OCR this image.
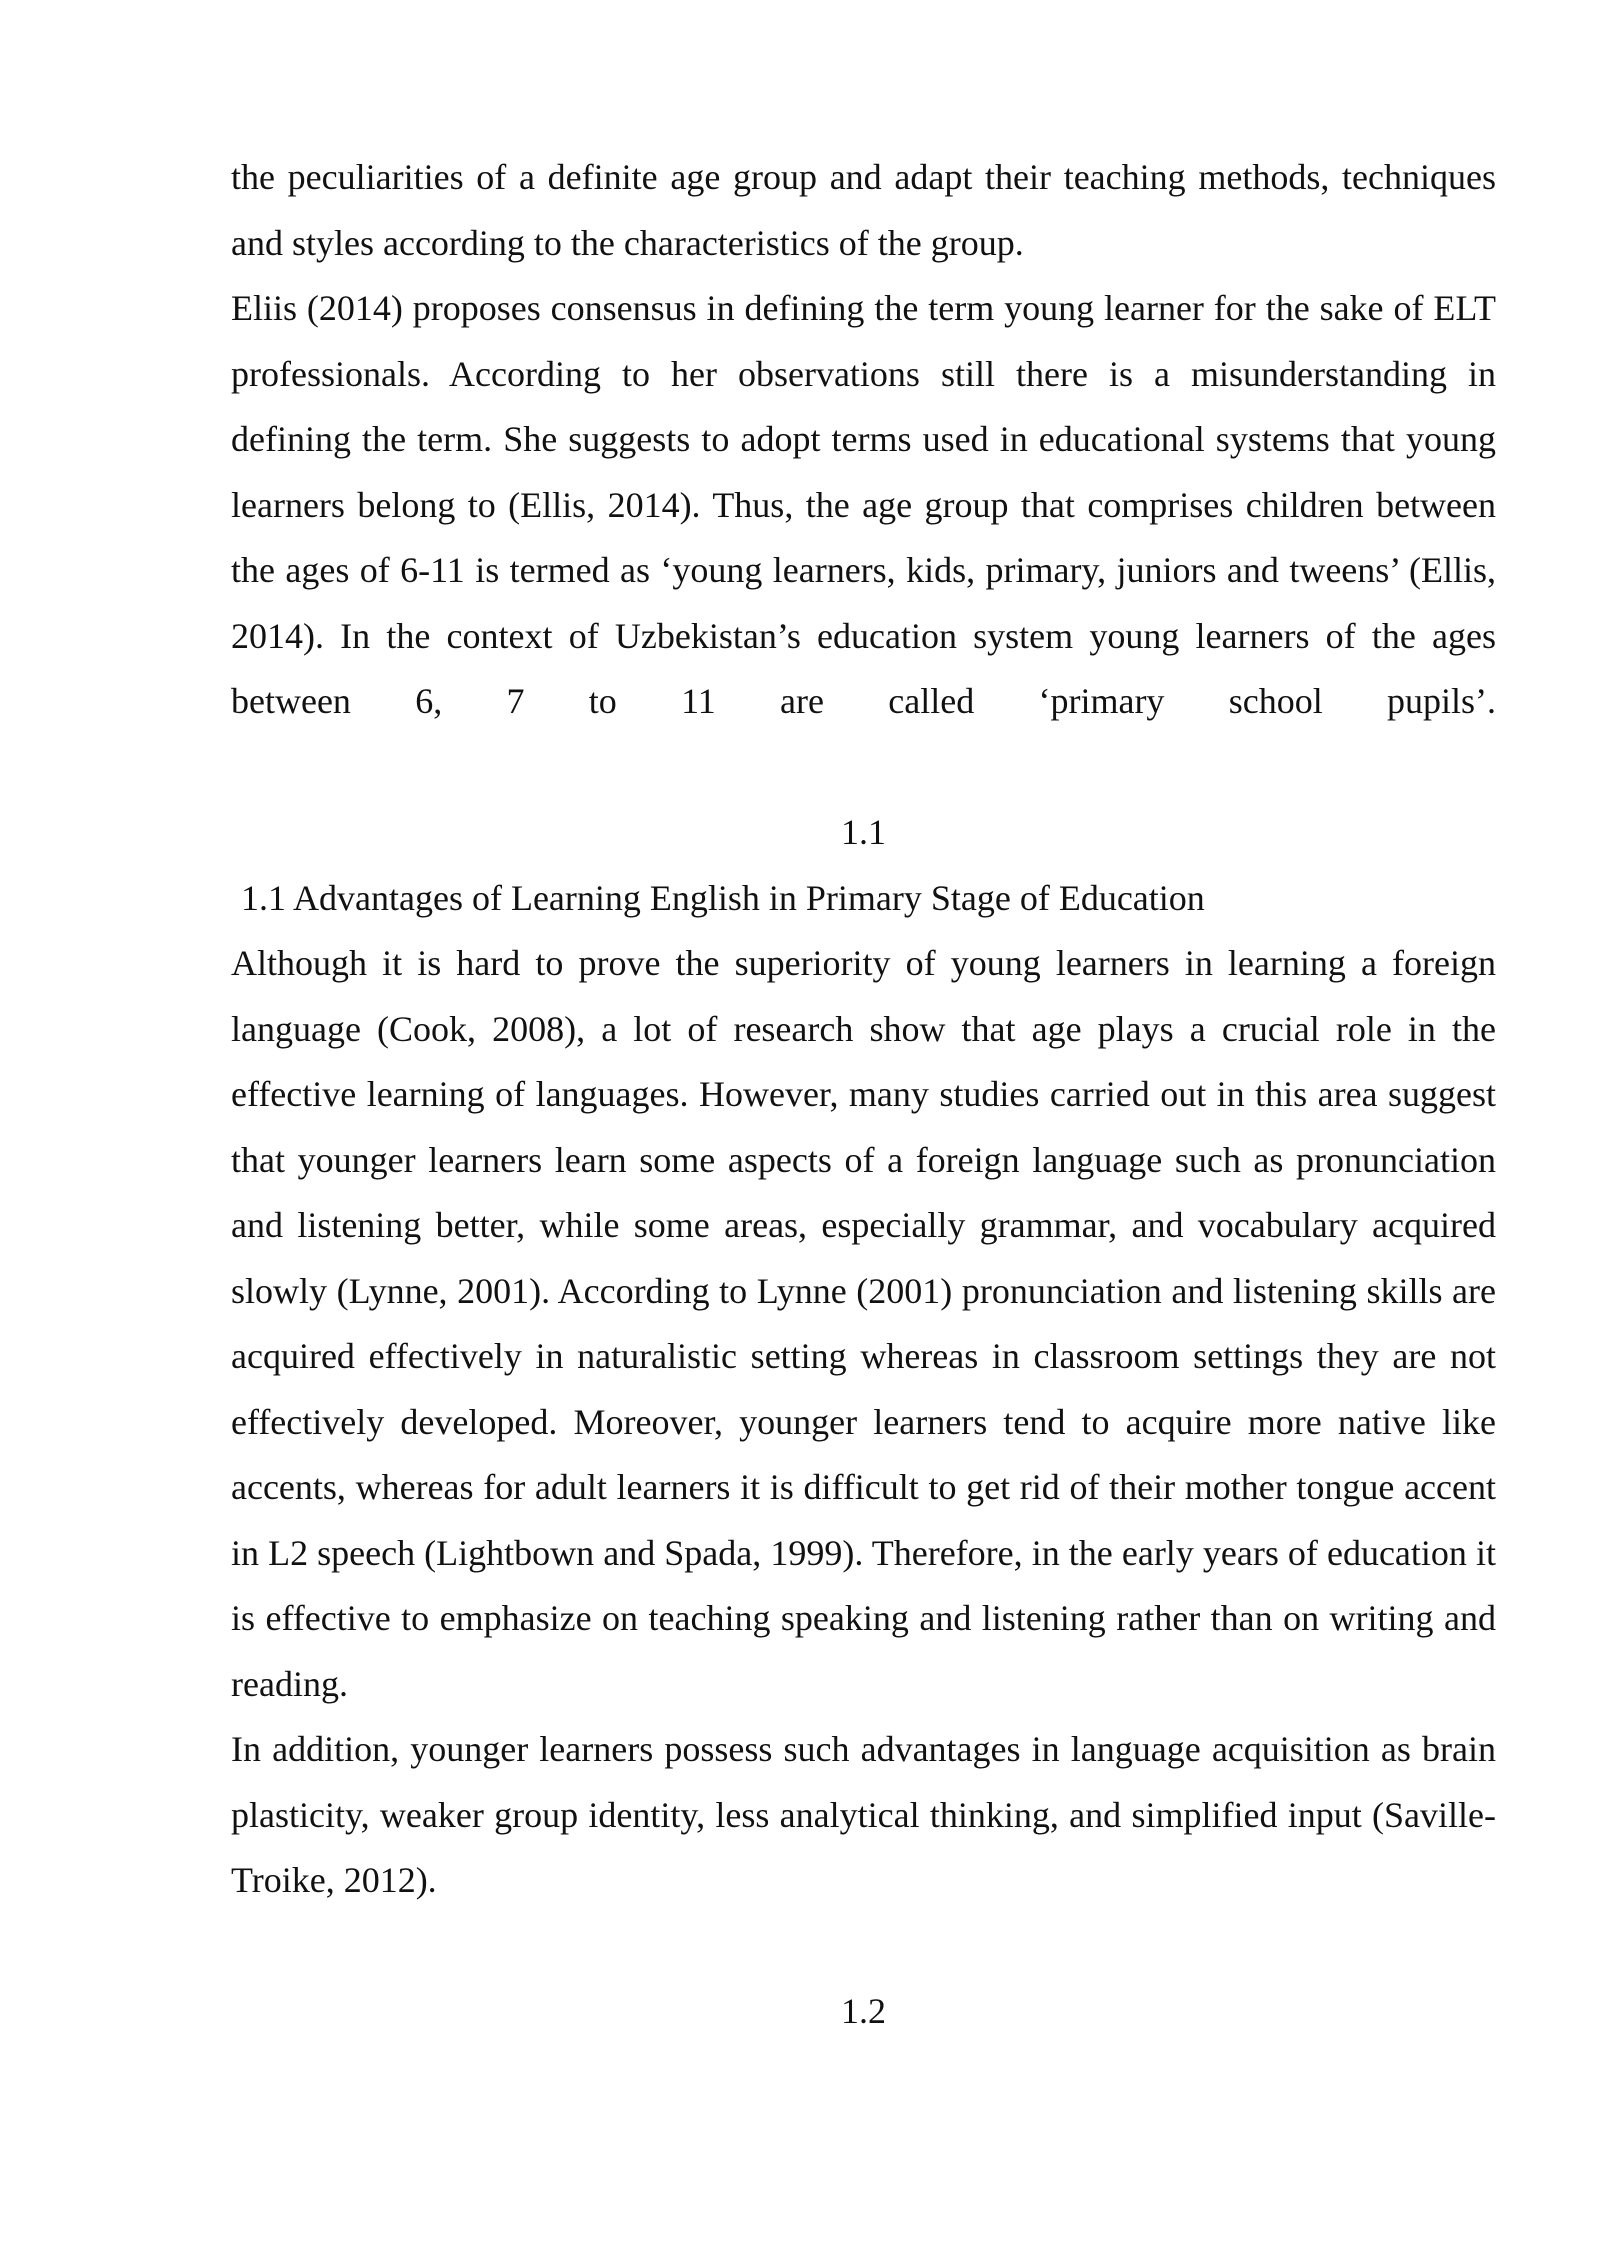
the peculiarities of a definite age group and adapt their teaching methods, techniques and styles according to the characteristics of the group.

Eliis (2014) proposes consensus in defining the term young learner for the sake of ELT professionals. According to her observations still there is a misunderstanding in defining the term. She suggests to adopt terms used in educational systems that young learners belong to (Ellis, 2014). Thus, the age group that comprises children between the ages of 6-11 is termed as ‘young learners, kids, primary, juniors and tweens’ (Ellis, 2014). In the context of Uzbekistan’s education system young learners of the ages between 6, 7 to 11 are called ‘primary school pupils’.

1.1
1.1 Advantages of Learning English in Primary Stage of Education

Although it is hard to prove the superiority of young learners in learning a foreign language (Cook, 2008), a lot of research show that age plays a crucial role in the effective learning of languages. However, many studies carried out in this area suggest that younger learners learn some aspects of a foreign language such as pronunciation and listening better, while some areas, especially grammar, and vocabulary acquired slowly (Lynne, 2001). According to Lynne (2001) pronunciation and listening skills are acquired effectively in naturalistic setting whereas in classroom settings they are not effectively developed. Moreover, younger learners tend to acquire more native like accents, whereas for adult learners it is difficult to get rid of their mother tongue accent in L2 speech (Lightbown and Spada, 1999). Therefore, in the early years of education it is effective to emphasize on teaching speaking and listening rather than on writing and reading.

In addition, younger learners possess such advantages in language acquisition as brain plasticity, weaker group identity, less analytical thinking, and simplified input (Saville-Troike, 2012).

1.2
